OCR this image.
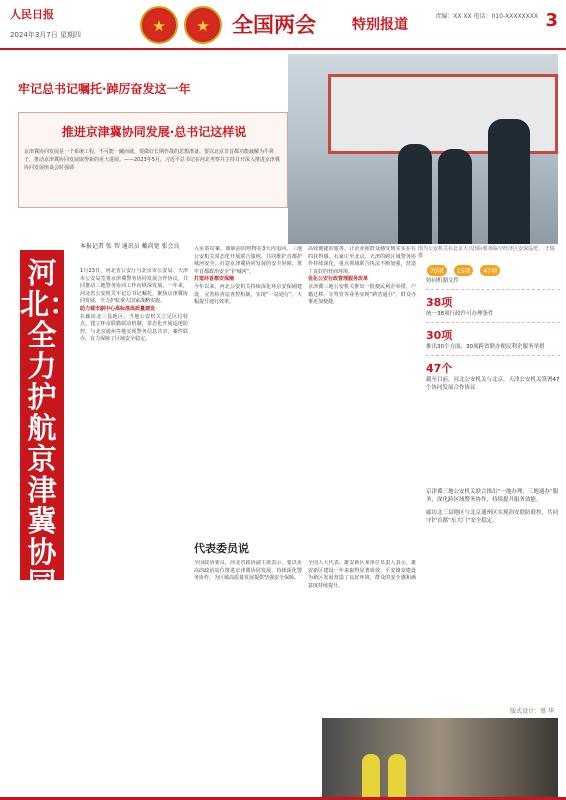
人民日报
2024年3月7日 星期四 ★ ★	全国两会	特别报道
责编：XX XX 电话：010-XXXXXXXX 3
牢记总书记嘱托·踔厉奋发这一年
推进京津冀协同发展·总书记这样说
京津冀协同发展是一个系统工程，不可能一蹴而就，要做好长期作战的思想准备。要以北京非首都功能疏解为牛鼻子，推动京津冀协同发展取得新的更大进展。——2023年5月，习近平总书记在河北考察并主持召开深入推进京津冀协同发展座谈会时强调
河北：全力护航京津冀协同发展
本报记者 张 智 通讯员 戴尚宽 张会良

1月23日，河北省公安厅与北京市公安局、天津市公安局签署京津冀警务协同发展合作协议，共同推动三地警务协同工作向纵深发展。一年来，河北省公安机关牢记总书记嘱托，聚焦京津冀协同发展，全力护航重大国家战略实施。

助力城市副中心高标准高质量建设

在廊坊北三县地区，当地公安机关立足区位特点，建立环京联勤联动机制，常态化开展巡逻防控，与北京通州等地实现警务信息共享、案件联办，有力保障了区域安全稳定。

入室盗窃案，离职前的财物在3天内追回。三地公安机关常态化开展联合演练，共同维护首都护城河安全。打造京津冀协同发展的安全屏障，筑牢首都政治安全“护城河”。

打造环首都安保圈

今年以来，河北公安机关持续深化环京安保圈建设，完善检查站查控机制，实现“一站通行”，大幅提升通行效率。

高效便捷的服务，让企业和群众感受到实实在在的获得感。石家庄至北京、天津的跨区域警务协作持续深化，重点领域联合执法不断加强，营造了良好的营商环境。

优化公安行政管理服务改革

京津冀三地公安机关推出一批便民利企举措，户籍迁移、车驾管等业务实现“跨省通办”，群众办事更加便捷。

代表委员说

全国政协委员、河北省政协副主席表示，要以更高的政治站位推进京津冀协同发展，持续深化警务协作，为区域高质量发展提供坚强安全保障。

全国人大代表、雄安新区某单位负责人表示，雄安新区建设一年来取得显著成效，平安雄安建设为新区发展营造了良好环境，群众的安全感和满意度持续提升。

图为公安机关在北京大兴国际机场临空经济区安保巡逻。 王瑞 摄
70项 15项 47项
协同机制文件
38项
统一38项行政许可办理条件
30项
推出30个方面、30项跨省联办便民利企服务举措
47个
截至目前，河北公安机关与北京、天津公安机关签署47个协同发展合作协议

京津冀三地公安机关联合推出“一地办理、三地通办”服务，深化跨区域警务协作，持续提升服务效能。

廊坊北三县地区与北京通州区实现治安联防联控，共同守护首都“东大门”安全稳定。

版式设计：蔡 华
